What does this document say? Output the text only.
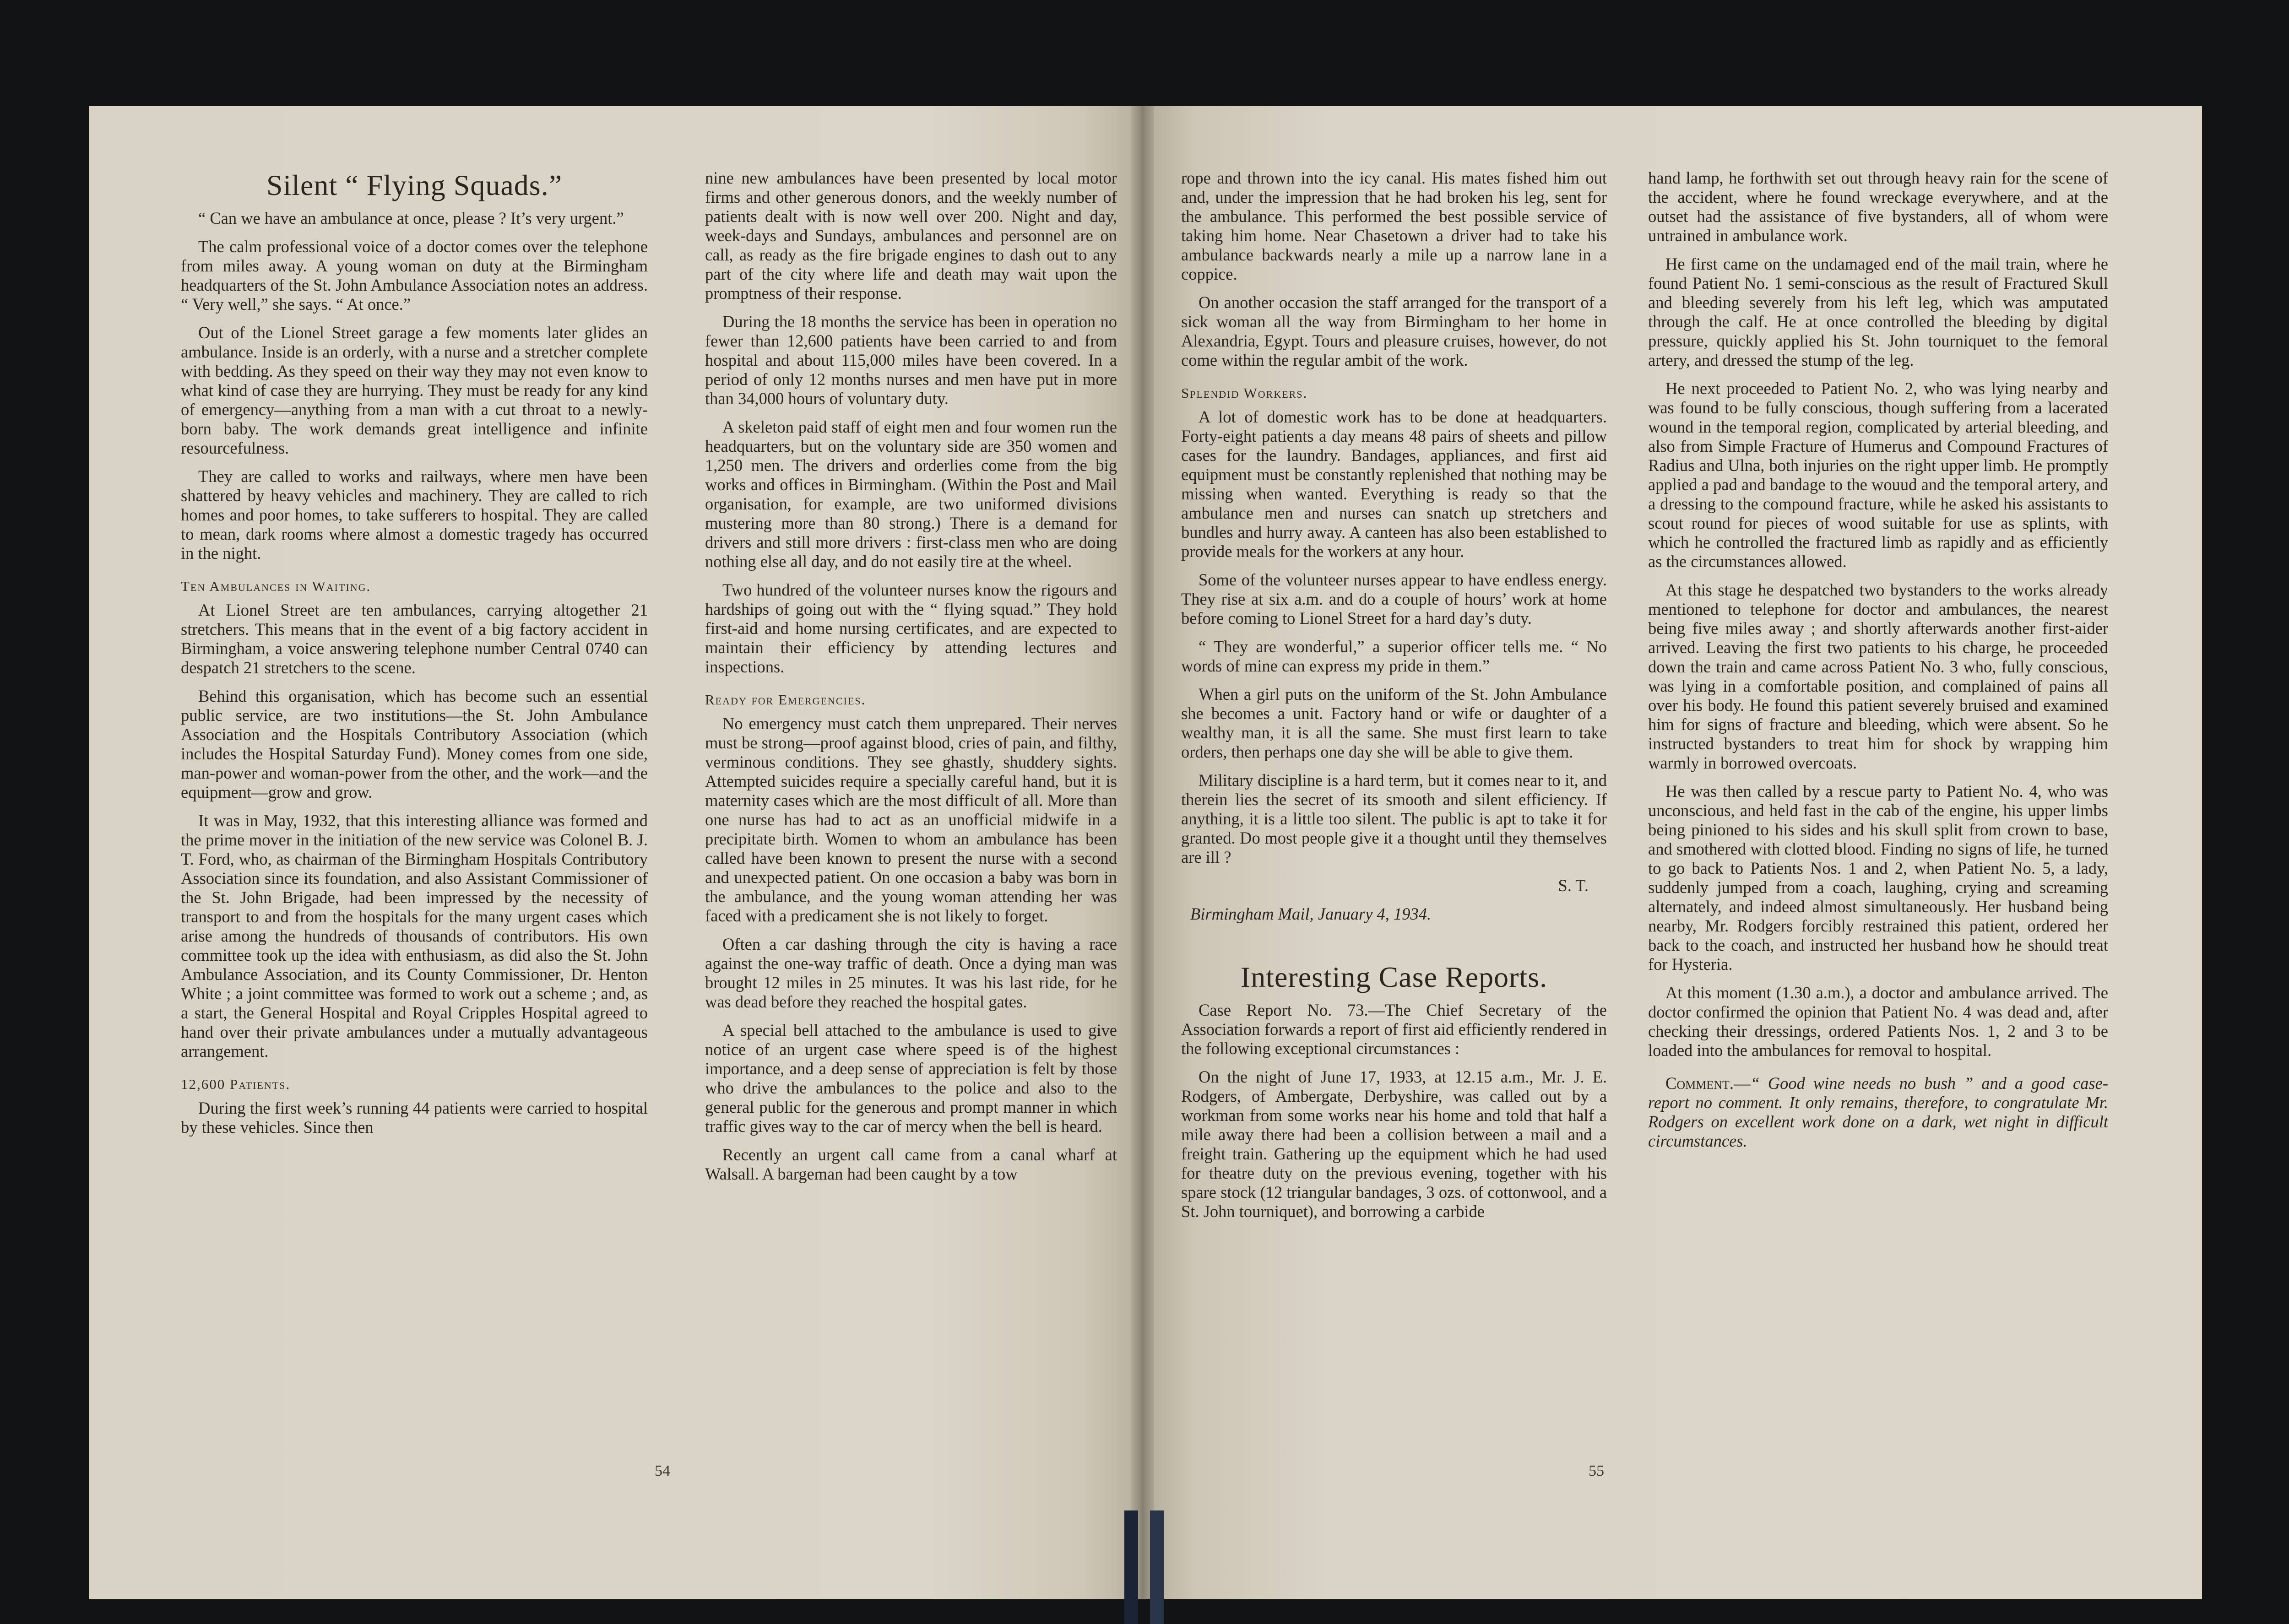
Silent “ Flying Squads.”

“ Can we have an ambulance at once, please ? It’s very urgent.”

The calm professional voice of a doctor comes over the telephone from miles away. A young woman on duty at the Birmingham headquarters of the St. John Ambulance Association notes an address. “ Very well,” she says. “ At once.”

Out of the Lionel Street garage a few moments later glides an ambulance. Inside is an orderly, with a nurse and a stretcher complete with bedding. As they speed on their way they may not even know to what kind of case they are hurrying. They must be ready for any kind of emergency—anything from a man with a cut throat to a newly-born baby. The work demands great intelligence and infinite resourcefulness.

They are called to works and railways, where men have been shattered by heavy vehicles and machinery. They are called to rich homes and poor homes, to take sufferers to hospital. They are called to mean, dark rooms where almost a domestic tragedy has occurred in the night.

Ten Ambulances in Waiting.

At Lionel Street are ten ambulances, carrying altogether 21 stretchers. This means that in the event of a big factory accident in Birmingham, a voice answering telephone number Central 0740 can despatch 21 stretchers to the scene.

Behind this organisation, which has become such an essential public service, are two institutions—the St. John Ambulance Association and the Hospitals Contributory Association (which includes the Hospital Saturday Fund). Money comes from one side, man-power and woman-power from the other, and the work—and the equipment—grow and grow.

It was in May, 1932, that this interesting alliance was formed and the prime mover in the initiation of the new service was Colonel B. J. T. Ford, who, as chairman of the Birmingham Hospitals Contributory Association since its foundation, and also Assistant Commissioner of the St. John Brigade, had been impressed by the necessity of transport to and from the hospitals for the many urgent cases which arise among the hundreds of thousands of contributors. His own committee took up the idea with enthusiasm, as did also the St. John Ambulance Association, and its County Commissioner, Dr. Henton White ; a joint committee was formed to work out a scheme ; and, as a start, the General Hospital and Royal Cripples Hospital agreed to hand over their private ambulances under a mutually advantageous arrangement.

12,600 Patients.

During the first week’s running 44 patients were carried to hospital by these vehicles. Since then

nine new ambulances have been presented by local motor firms and other generous donors, and the weekly number of patients dealt with is now well over 200. Night and day, week-days and Sundays, ambulances and personnel are on call, as ready as the fire brigade engines to dash out to any part of the city where life and death may wait upon the promptness of their response.

During the 18 months the service has been in operation no fewer than 12,600 patients have been carried to and from hospital and about 115,000 miles have been covered. In a period of only 12 months nurses and men have put in more than 34,000 hours of voluntary duty.

A skeleton paid staff of eight men and four women run the headquarters, but on the voluntary side are 350 women and 1,250 men. The drivers and orderlies come from the big works and offices in Birmingham. (Within the Post and Mail organisation, for example, are two uniformed divisions mustering more than 80 strong.) There is a demand for drivers and still more drivers : first-class men who are doing nothing else all day, and do not easily tire at the wheel.

Two hundred of the volunteer nurses know the rigours and hardships of going out with the “ flying squad.” They hold first-aid and home nursing certificates, and are expected to maintain their efficiency by attending lectures and inspections.

Ready for Emergencies.

No emergency must catch them unprepared. Their nerves must be strong—proof against blood, cries of pain, and filthy, verminous conditions. They see ghastly, shuddery sights. Attempted suicides require a specially careful hand, but it is maternity cases which are the most difficult of all. More than one nurse has had to act as an unofficial midwife in a precipitate birth. Women to whom an ambulance has been called have been known to present the nurse with a second and unexpected patient. On one occasion a baby was born in the ambulance, and the young woman attending her was faced with a predicament she is not likely to forget.

Often a car dashing through the city is having a race against the one-way traffic of death. Once a dying man was brought 12 miles in 25 minutes. It was his last ride, for he was dead before they reached the hospital gates.

A special bell attached to the ambulance is used to give notice of an urgent case where speed is of the highest importance, and a deep sense of appreciation is felt by those who drive the ambulances to the police and also to the general public for the generous and prompt manner in which traffic gives way to the car of mercy when the bell is heard.

Recently an urgent call came from a canal wharf at Walsall. A bargeman had been caught by a tow

54

rope and thrown into the icy canal. His mates fished him out and, under the impression that he had broken his leg, sent for the ambulance. This performed the best possible service of taking him home. Near Chasetown a driver had to take his ambulance backwards nearly a mile up a narrow lane in a coppice.

On another occasion the staff arranged for the transport of a sick woman all the way from Birmingham to her home in Alexandria, Egypt. Tours and pleasure cruises, however, do not come within the regular ambit of the work.

Splendid Workers.

A lot of domestic work has to be done at headquarters. Forty-eight patients a day means 48 pairs of sheets and pillow cases for the laundry. Bandages, appliances, and first aid equipment must be constantly replenished that nothing may be missing when wanted. Everything is ready so that the ambulance men and nurses can snatch up stretchers and bundles and hurry away. A canteen has also been established to provide meals for the workers at any hour.

Some of the volunteer nurses appear to have endless energy. They rise at six a.m. and do a couple of hours’ work at home before coming to Lionel Street for a hard day’s duty.

“ They are wonderful,” a superior officer tells me. “ No words of mine can express my pride in them.”

When a girl puts on the uniform of the St. John Ambulance she becomes a unit. Factory hand or wife or daughter of a wealthy man, it is all the same. She must first learn to take orders, then perhaps one day she will be able to give them.

Military discipline is a hard term, but it comes near to it, and therein lies the secret of its smooth and silent efficiency. If anything, it is a little too silent. The public is apt to take it for granted. Do most people give it a thought until they themselves are ill ?

S. T.

Birmingham Mail, January 4, 1934.

Interesting Case Reports.

Case Report No. 73.—The Chief Secretary of the Association forwards a report of first aid efficiently rendered in the following exceptional circumstances :

On the night of June 17, 1933, at 12.15 a.m., Mr. J. E. Rodgers, of Ambergate, Derbyshire, was called out by a workman from some works near his home and told that half a mile away there had been a collision between a mail and a freight train. Gathering up the equipment which he had used for theatre duty on the previous evening, together with his spare stock (12 triangular bandages, 3 ozs. of cottonwool, and a St. John tourniquet), and borrowing a carbide

hand lamp, he forthwith set out through heavy rain for the scene of the accident, where he found wreckage everywhere, and at the outset had the assistance of five bystanders, all of whom were untrained in ambulance work.

He first came on the undamaged end of the mail train, where he found Patient No. 1 semi-conscious as the result of Fractured Skull and bleeding severely from his left leg, which was amputated through the calf. He at once controlled the bleeding by digital pressure, quickly applied his St. John tourniquet to the femoral artery, and dressed the stump of the leg.

He next proceeded to Patient No. 2, who was lying nearby and was found to be fully conscious, though suffering from a lacerated wound in the temporal region, complicated by arterial bleeding, and also from Simple Fracture of Humerus and Compound Fractures of Radius and Ulna, both injuries on the right upper limb. He promptly applied a pad and bandage to the wouud and the temporal artery, and a dressing to the compound fracture, while he asked his assistants to scout round for pieces of wood suitable for use as splints, with which he controlled the fractured limb as rapidly and as efficiently as the circumstances allowed.

At this stage he despatched two bystanders to the works already mentioned to telephone for doctor and ambulances, the nearest being five miles away ; and shortly afterwards another first-aider arrived. Leaving the first two patients to his charge, he proceeded down the train and came across Patient No. 3 who, fully conscious, was lying in a comfortable position, and complained of pains all over his body. He found this patient severely bruised and examined him for signs of fracture and bleeding, which were absent. So he instructed bystanders to treat him for shock by wrapping him warmly in borrowed overcoats.

He was then called by a rescue party to Patient No. 4, who was unconscious, and held fast in the cab of the engine, his upper limbs being pinioned to his sides and his skull split from crown to base, and smothered with clotted blood. Finding no signs of life, he turned to go back to Patients Nos. 1 and 2, when Patient No. 5, a lady, suddenly jumped from a coach, laughing, crying and screaming alternately, and indeed almost simultaneously. Her husband being nearby, Mr. Rodgers forcibly restrained this patient, ordered her back to the coach, and instructed her husband how he should treat for Hysteria.

At this moment (1.30 a.m.), a doctor and ambulance arrived. The doctor confirmed the opinion that Patient No. 4 was dead and, after checking their dressings, ordered Patients Nos. 1, 2 and 3 to be loaded into the ambulances for removal to hospital.

Comment.—“ Good wine needs no bush ” and a good case-report no comment. It only remains, therefore, to congratulate Mr. Rodgers on excellent work done on a dark, wet night in difficult circumstances.

55
